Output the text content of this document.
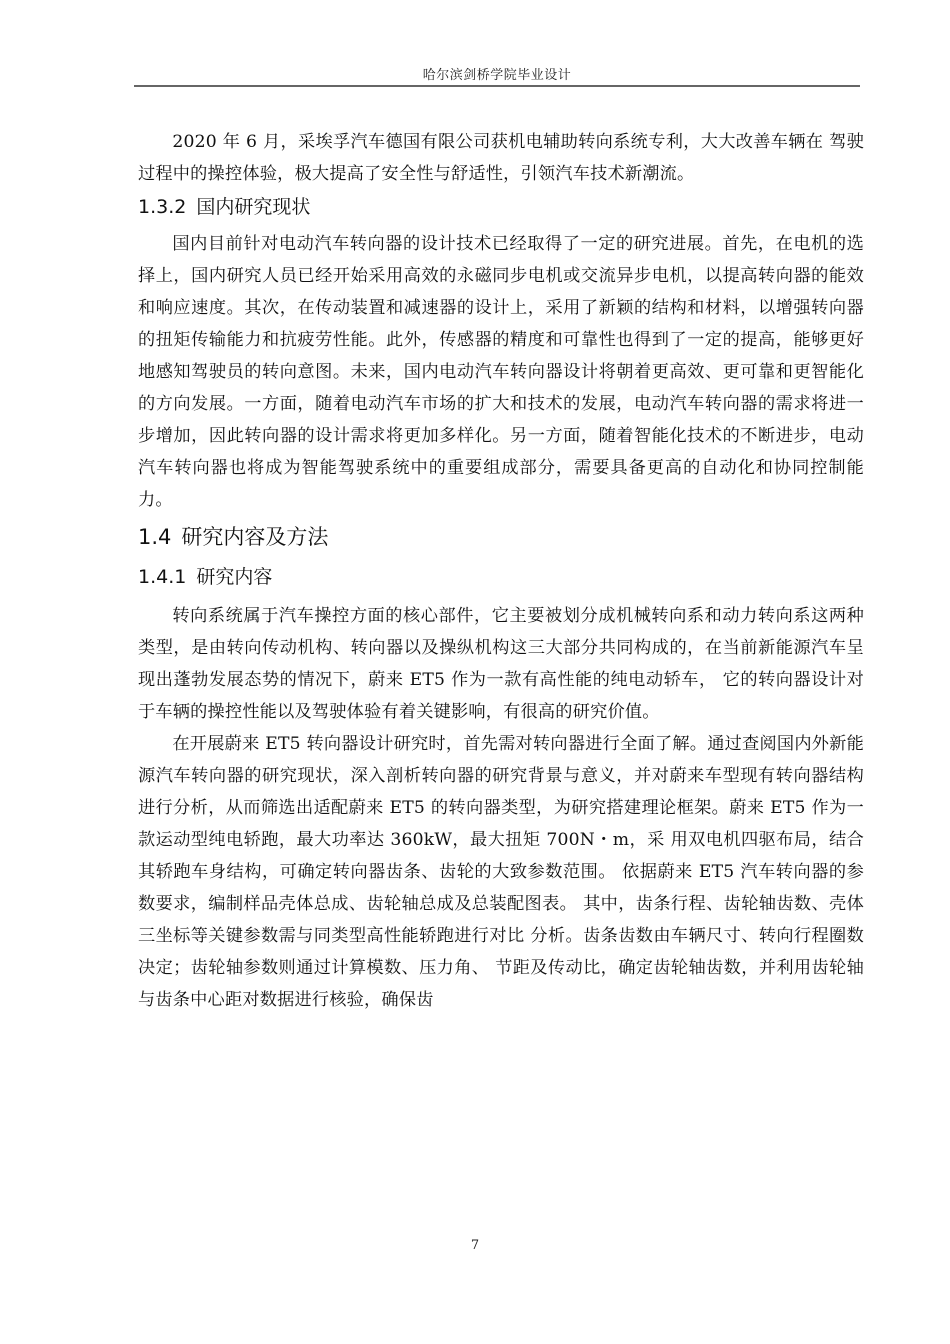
哈尔滨剑桥学院毕业设计

2020 年 6 月，采埃孚汽车德国有限公司获机电辅助转向系统专利，大大改善车辆在 驾驶过程中的操控体验，极大提高了安全性与舒适性，引领汽车技术新潮流。

1.3.2 国内研究现状

国内目前针对电动汽车转向器的设计技术已经取得了一定的研究进展。首先，在电机的选择上，国内研究人员已经开始采用高效的永磁同步电机或交流异步电机，以提高转向器的能效和响应速度。其次，在传动装置和减速器的设计上，采用了新颖的结构和材料，以增强转向器的扭矩传输能力和抗疲劳性能。此外，传感器的精度和可靠性也得到了一定的提高，能够更好地感知驾驶员的转向意图。未来，国内电动汽车转向器设计将朝着更高效、更可靠和更智能化的方向发展。一方面，随着电动汽车市场的扩大和技术的发展，电动汽车转向器的需求将进一步增加，因此转向器的设计需求将更加多样化。另一方面，随着智能化技术的不断进步，电动汽车转向器也将成为智能驾驶系统中的重要组成部分，需要具备更高的自动化和协同控制能力。

1.4 研究内容及方法
1.4.1 研究内容

转向系统属于汽车操控方面的核心部件，它主要被划分成机械转向系和动力转向系这两种类型，是由转向传动机构、转向器以及操纵机构这三大部分共同构成的，在当前新能源汽车呈现出蓬勃发展态势的情况下，蔚来 ET5 作为一款有高性能的纯电动轿车， 它的转向器设计对于车辆的操控性能以及驾驶体验有着关键影响，有很高的研究价值。

在开展蔚来 ET5 转向器设计研究时，首先需对转向器进行全面了解。通过查阅国内外新能源汽车转向器的研究现状，深入剖析转向器的研究背景与意义，并对蔚来车型现有转向器结构进行分析，从而筛选出适配蔚来 ET5 的转向器类型，为研究搭建理论框架。蔚来 ET5 作为一款运动型纯电轿跑，最大功率达 360kW，最大扭矩 700N・m，采 用双电机四驱布局，结合其轿跑车身结构，可确定转向器齿条、齿轮的大致参数范围。 依据蔚来 ET5 汽车转向器的参数要求，编制样品壳体总成、齿轮轴总成及总装配图表。 其中，齿条行程、齿轮轴齿数、壳体三坐标等关键参数需与同类型高性能轿跑进行对比 分析。齿条齿数由车辆尺寸、转向行程圈数决定；齿轮轴参数则通过计算模数、压力角、 节距及传动比，确定齿轮轴齿数，并利用齿轮轴与齿条中心距对数据进行核验，确保齿

7
